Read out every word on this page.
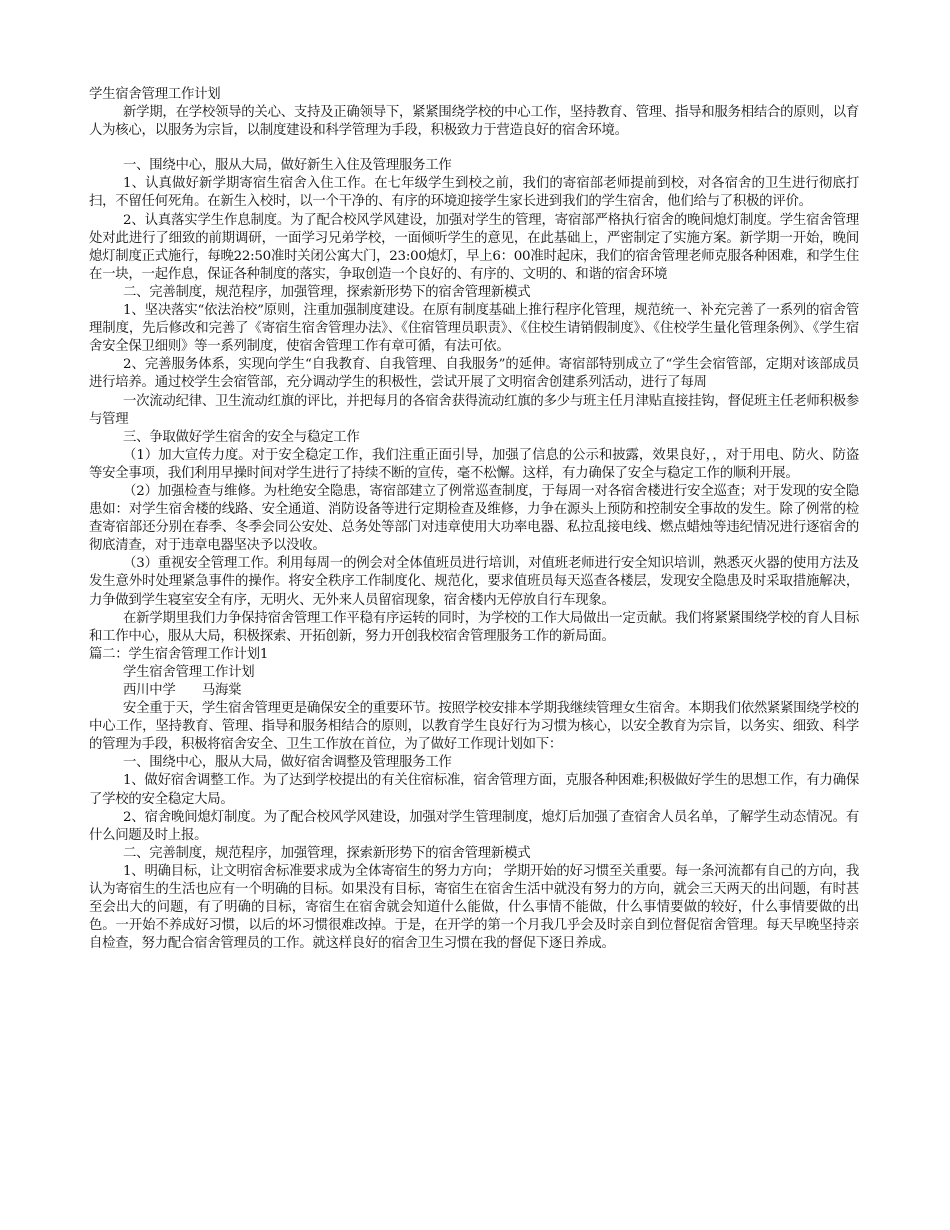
学生宿舍管理工作计划

新学期，在学校领导的关心、支持及正确领导下，紧紧围绕学校的中心工作，坚持教育、管理、指导和服务相结合的原则，以育人为核心，以服务为宗旨，以制度建设和科学管理为手段，积极致力于营造良好的宿舍环境。

一、围绕中心，服从大局，做好新生入住及管理服务工作

1、认真做好新学期寄宿生宿舍入住工作。在七年级学生到校之前，我们的寄宿部老师提前到校，对各宿舍的卫生进行彻底打扫，不留任何死角。在新生入校时，以一个干净的、有序的环境迎接学生家长进到我们的学生宿舍，他们给与了积极的评价。

2、认真落实学生作息制度。为了配合校风学风建设，加强对学生的管理，寄宿部严格执行宿舍的晚间熄灯制度。学生宿舍管理处对此进行了细致的前期调研，一面学习兄弟学校，一面倾听学生的意见，在此基础上，严密制定了实施方案。新学期一开始，晚间熄灯制度正式施行，每晚22:50准时关闭公寓大门，23:00熄灯，早上6：00准时起床，我们的宿舍管理老师克服各种困难，和学生住在一块，一起作息，保证各种制度的落实，争取创造一个良好的、有序的、文明的、和谐的宿舍环境

二、完善制度，规范程序，加强管理，探索新形势下的宿舍管理新模式

1、坚决落实“依法治校”原则，注重加强制度建设。在原有制度基础上推行程序化管理，规范统一、补充完善了一系列的宿舍管理制度，先后修改和完善了《寄宿生宿舍管理办法》、《住宿管理员职责》、《住校生请销假制度》、《住校学生量化管理条例》、《学生宿舍安全保卫细则》等一系列制度，使宿舍管理工作有章可循，有法可依。

2、完善服务体系，实现向学生“自我教育、自我管理、自我服务”的延伸。寄宿部特别成立了“学生会宿管部，定期对该部成员进行培养。通过校学生会宿管部，充分调动学生的积极性，尝试开展了文明宿舍创建系列活动，进行了每周

一次流动纪律、卫生流动红旗的评比，并把每月的各宿舍获得流动红旗的多少与班主任月津贴直接挂钩，督促班主任老师积极参与管理

三、争取做好学生宿舍的安全与稳定工作

（1）加大宣传力度。对于安全稳定工作，我们注重正面引导，加强了信息的公示和披露，效果良好，，对于用电、防火、防盗等安全事项，我们利用早操时间对学生进行了持续不断的宣传，毫不松懈。这样，有力确保了安全与稳定工作的顺利开展。

（2）加强检查与维修。为杜绝安全隐患，寄宿部建立了例常巡查制度，于每周一对各宿舍楼进行安全巡查；对于发现的安全隐患如：对学生宿舍楼的线路、安全通道、消防设备等进行定期检查及维修，力争在源头上预防和控制安全事故的发生。除了例常的检查寄宿部还分别在春季、冬季会同公安处、总务处等部门对违章使用大功率电器、私拉乱接电线、燃点蜡烛等违纪情况进行逐宿舍的彻底清查，对于违章电器坚决予以没收。

（3）重视安全管理工作。利用每周一的例会对全体值班员进行培训，对值班老师进行安全知识培训，熟悉灭火器的使用方法及发生意外时处理紧急事件的操作。将安全秩序工作制度化、规范化，要求值班员每天巡查各楼层，发现安全隐患及时采取措施解决，力争做到学生寝室安全有序，无明火、无外来人员留宿现象，宿舍楼内无停放自行车现象。

在新学期里我们力争保持宿舍管理工作平稳有序运转的同时，为学校的工作大局做出一定贡献。我们将紧紧围绕学校的育人目标和工作中心，服从大局，积极探索、开拓创新，努力开创我校宿舍管理服务工作的新局面。

篇二：学生宿舍管理工作计划1

学生宿舍管理工作计划

西川中学　　马海棠

安全重于天，学生宿舍管理更是确保安全的重要环节。按照学校安排本学期我继续管理女生宿舍。本期我们依然紧紧围绕学校的中心工作，坚持教育、管理、指导和服务相结合的原则，以教育学生良好行为习惯为核心，以安全教育为宗旨，以务实、细致、科学的管理为手段，积极将宿舍安全、卫生工作放在首位，为了做好工作现计划如下：

一、围绕中心，服从大局，做好宿舍调整及管理服务工作

1、做好宿舍调整工作。为了达到学校提出的有关住宿标准，宿舍管理方面，克服各种困难;积极做好学生的思想工作，有力确保了学校的安全稳定大局。

2、宿舍晚间熄灯制度。为了配合校风学风建设，加强对学生管理制度，熄灯后加强了查宿舍人员名单，了解学生动态情况。有什么问题及时上报。

二、完善制度，规范程序，加强管理，探索新形势下的宿舍管理新模式

1、明确目标，让文明宿舍标准要求成为全体寄宿生的努力方向； 学期开始的好习惯至关重要。每一条河流都有自己的方向，我认为寄宿生的生活也应有一个明确的目标。如果没有目标，寄宿生在宿舍生活中就没有努力的方向，就会三天两天的出问题，有时甚至会出大的问题，有了明确的目标，寄宿生在宿舍就会知道什么能做，什么事情不能做，什么事情要做的较好，什么事情要做的出色。一开始不养成好习惯，以后的坏习惯很难改掉。于是，在开学的第一个月我几乎会及时亲自到位督促宿舍管理。每天早晚坚持亲自检查，努力配合宿舍管理员的工作。就这样良好的宿舍卫生习惯在我的督促下逐日养成。
